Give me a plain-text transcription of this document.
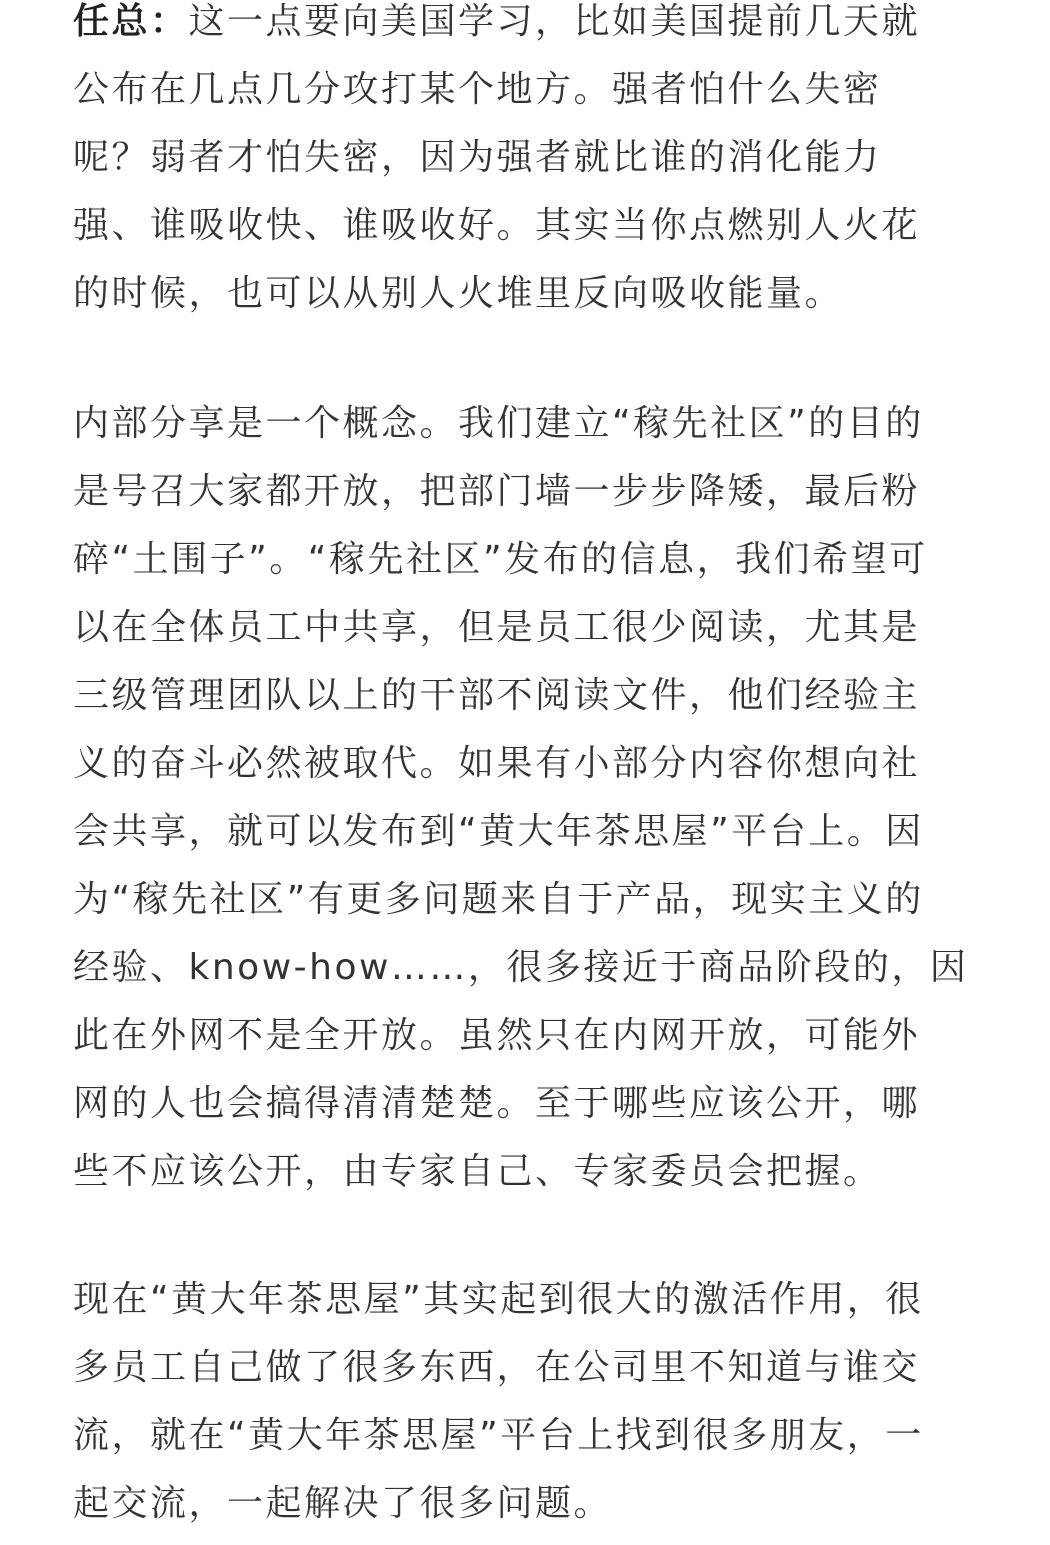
任总：这一点要向美国学习，比如美国提前几天就
公布在几点几分攻打某个地方。强者怕什么失密
呢？弱者才怕失密，因为强者就比谁的消化能力
强、谁吸收快、谁吸收好。其实当你点燃别人火花
的时候，也可以从别人火堆里反向吸收能量。
内部分享是一个概念。我们建立“稼先社区”的目的
是号召大家都开放，把部门墙一步步降矮，最后粉
碎“土围子”。“稼先社区”发布的信息，我们希望可
以在全体员工中共享，但是员工很少阅读，尤其是
三级管理团队以上的干部不阅读文件，他们经验主
义的奋斗必然被取代。如果有小部分内容你想向社
会共享，就可以发布到“黄大年茶思屋”平台上。因
为“稼先社区”有更多问题来自于产品，现实主义的
经验、know-how……，很多接近于商品阶段的，因
此在外网不是全开放。虽然只在内网开放，可能外
网的人也会搞得清清楚楚。至于哪些应该公开，哪
些不应该公开，由专家自己、专家委员会把握。
现在“黄大年茶思屋”其实起到很大的激活作用，很
多员工自己做了很多东西，在公司里不知道与谁交
流，就在“黄大年茶思屋”平台上找到很多朋友，一
起交流，一起解决了很多问题。
